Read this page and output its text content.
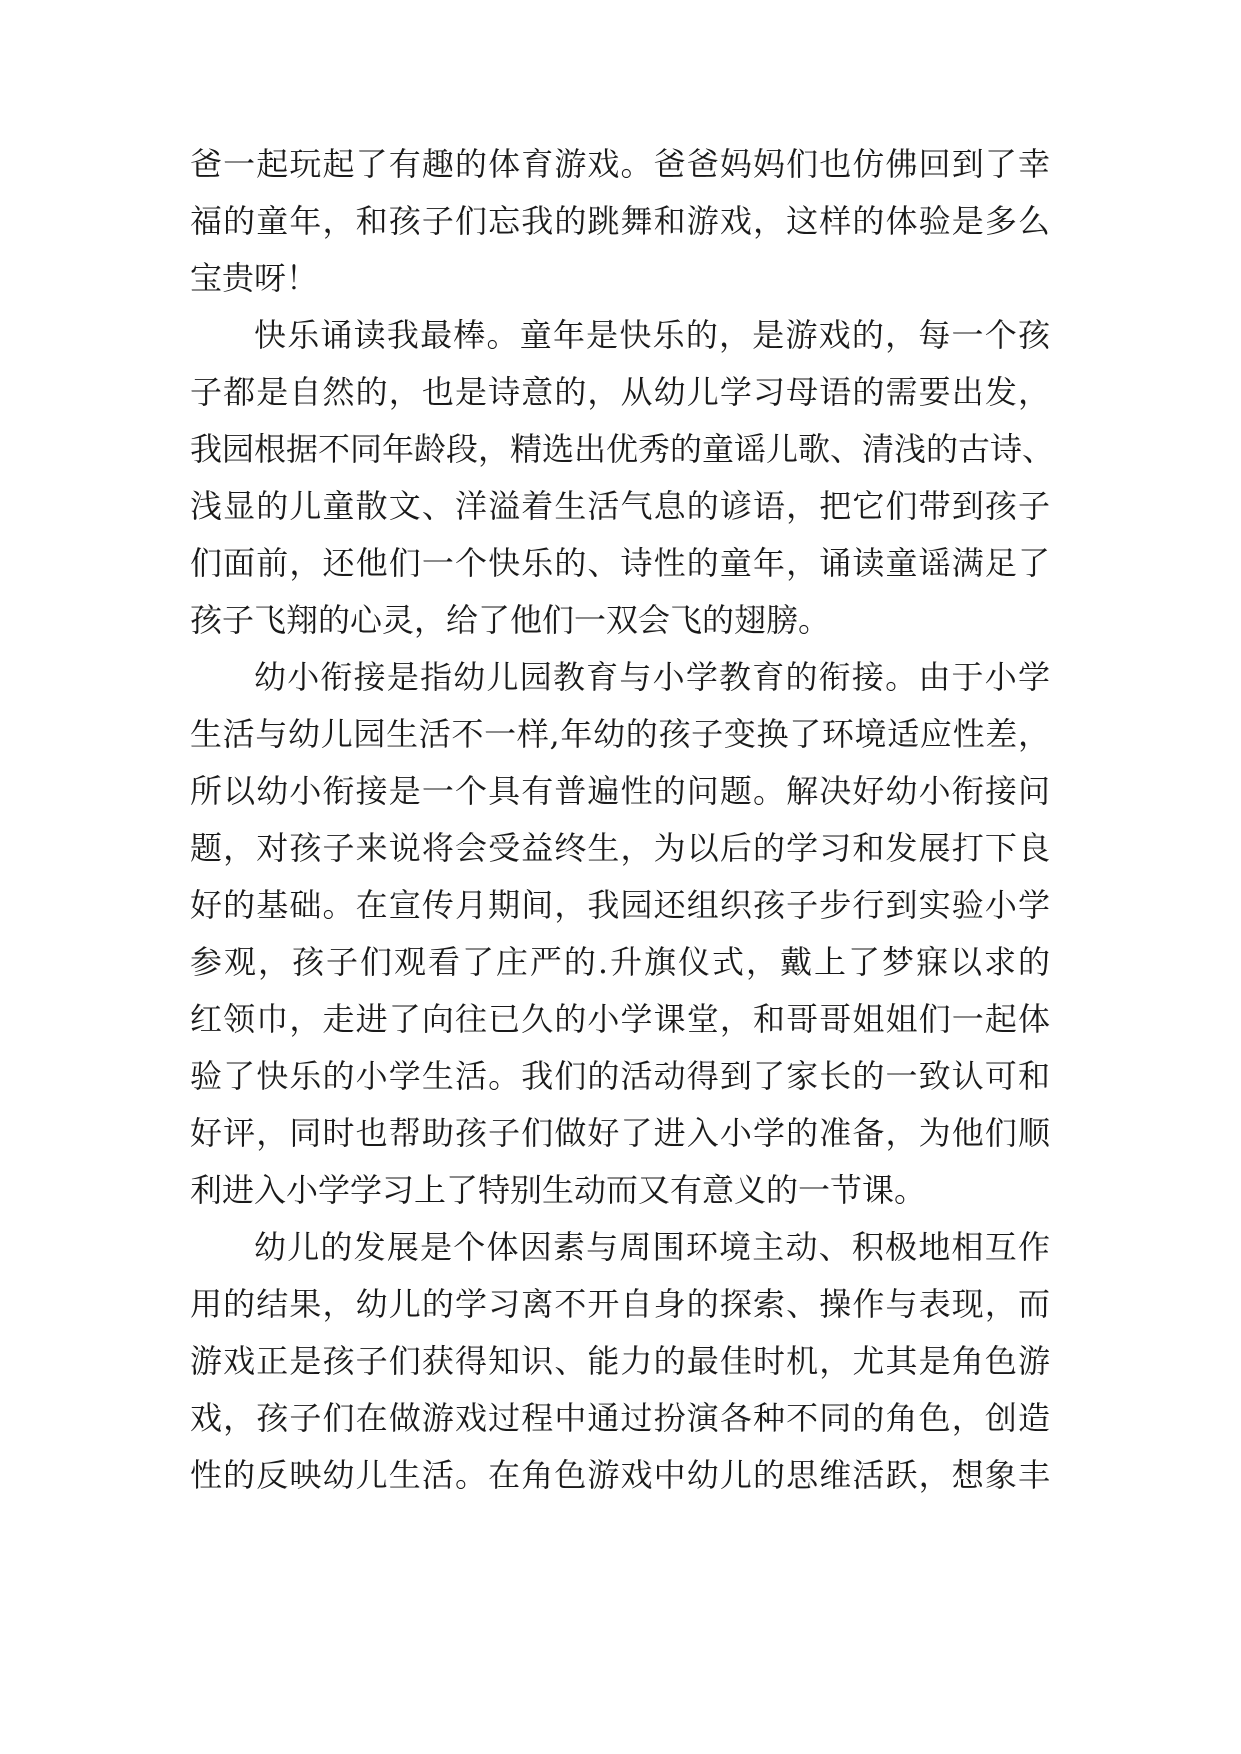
爸一起玩起了有趣的体育游戏。爸爸妈妈们也仿佛回到了幸
福的童年，和孩子们忘我的跳舞和游戏，这样的体验是多么
宝贵呀！
快乐诵读我最棒。童年是快乐的，是游戏的，每一个孩
子都是自然的，也是诗意的，从幼儿学习母语的需要出发，
我园根据不同年龄段，精选出优秀的童谣儿歌、清浅的古诗、
浅显的儿童散文、洋溢着生活气息的谚语，把它们带到孩子
们面前，还他们一个快乐的、诗性的童年，诵读童谣满足了
孩子飞翔的心灵，给了他们一双会飞的翅膀。
幼小衔接是指幼儿园教育与小学教育的衔接。由于小学
生活与幼儿园生活不一样,年幼的孩子变换了环境适应性差，
所以幼小衔接是一个具有普遍性的问题。解决好幼小衔接问
题，对孩子来说将会受益终生，为以后的学习和发展打下良
好的基础。在宣传月期间，我园还组织孩子步行到实验小学
参观，孩子们观看了庄严的.升旗仪式，戴上了梦寐以求的
红领巾，走进了向往已久的小学课堂，和哥哥姐姐们一起体
验了快乐的小学生活。我们的活动得到了家长的一致认可和
好评，同时也帮助孩子们做好了进入小学的准备，为他们顺
利进入小学学习上了特别生动而又有意义的一节课。
幼儿的发展是个体因素与周围环境主动、积极地相互作
用的结果，幼儿的学习离不开自身的探索、操作与表现，而
游戏正是孩子们获得知识、能力的最佳时机，尤其是角色游
戏，孩子们在做游戏过程中通过扮演各种不同的角色，创造
性的反映幼儿生活。在角色游戏中幼儿的思维活跃，想象丰
